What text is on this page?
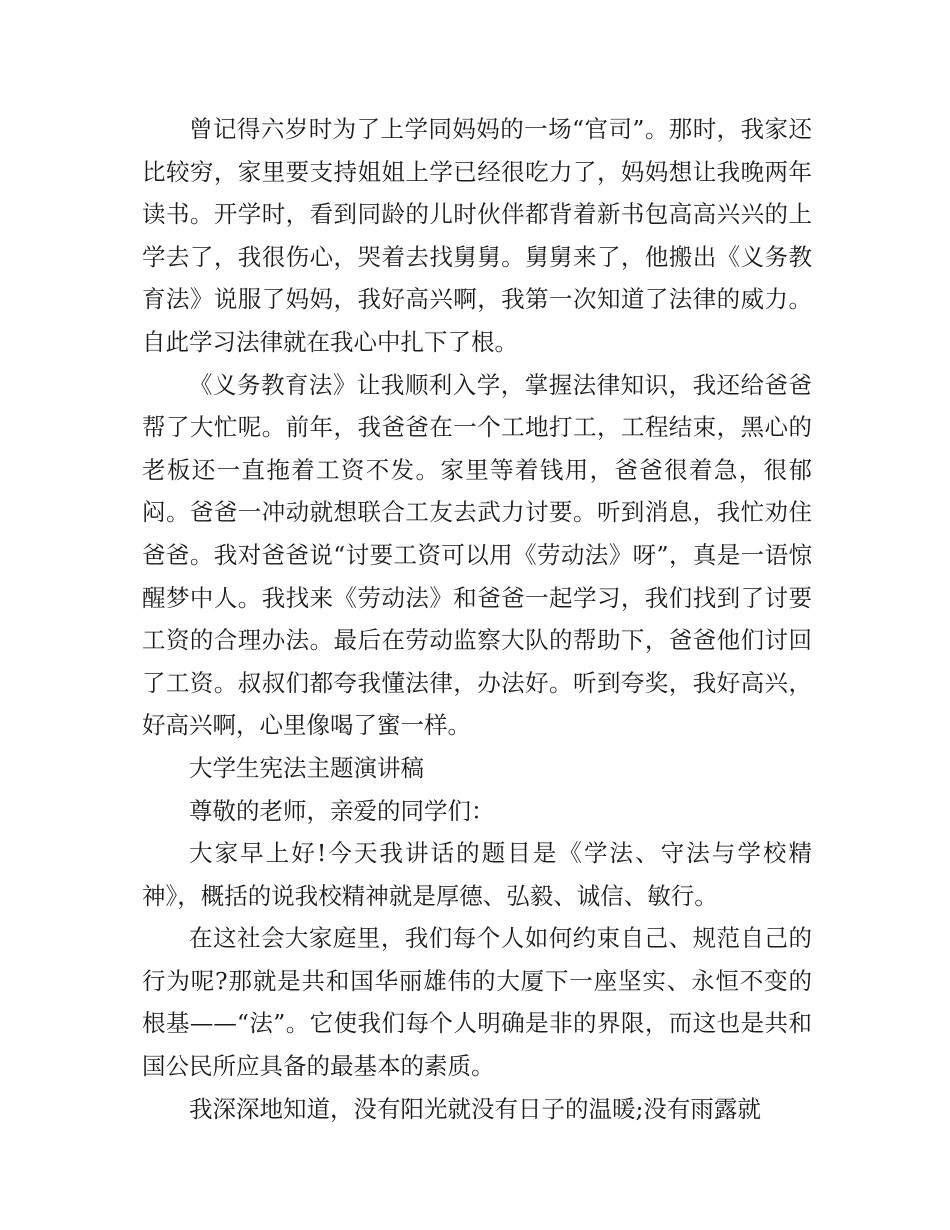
曾记得六岁时为了上学同妈妈的一场“官司”。那时，我家还比较穷，家里要支持姐姐上学已经很吃力了，妈妈想让我晚两年读书。开学时，看到同龄的儿时伙伴都背着新书包高高兴兴的上学去了，我很伤心，哭着去找舅舅。舅舅来了，他搬出《义务教育法》说服了妈妈，我好高兴啊，我第一次知道了法律的威力。自此学习法律就在我心中扎下了根。

《义务教育法》让我顺利入学，掌握法律知识，我还给爸爸帮了大忙呢。前年，我爸爸在一个工地打工，工程结束，黑心的老板还一直拖着工资不发。家里等着钱用，爸爸很着急，很郁闷。爸爸一冲动就想联合工友去武力讨要。听到消息，我忙劝住爸爸。我对爸爸说“讨要工资可以用《劳动法》呀”，真是一语惊醒梦中人。我找来《劳动法》和爸爸一起学习，我们找到了讨要工资的合理办法。最后在劳动监察大队的帮助下，爸爸他们讨回了工资。叔叔们都夸我懂法律，办法好。听到夸奖，我好高兴，好高兴啊，心里像喝了蜜一样。

大学生宪法主题演讲稿

尊敬的老师，亲爱的同学们：

大家早上好!今天我讲话的题目是《学法、守法与学校精神》，概括的说我校精神就是厚德、弘毅、诚信、敏行。

在这社会大家庭里，我们每个人如何约束自己、规范自己的行为呢?那就是共和国华丽雄伟的大厦下一座坚实、永恒不变的根基——“法”。它使我们每个人明确是非的界限，而这也是共和国公民所应具备的最基本的素质。

我深深地知道，没有阳光就没有日子的温暖;没有雨露就
